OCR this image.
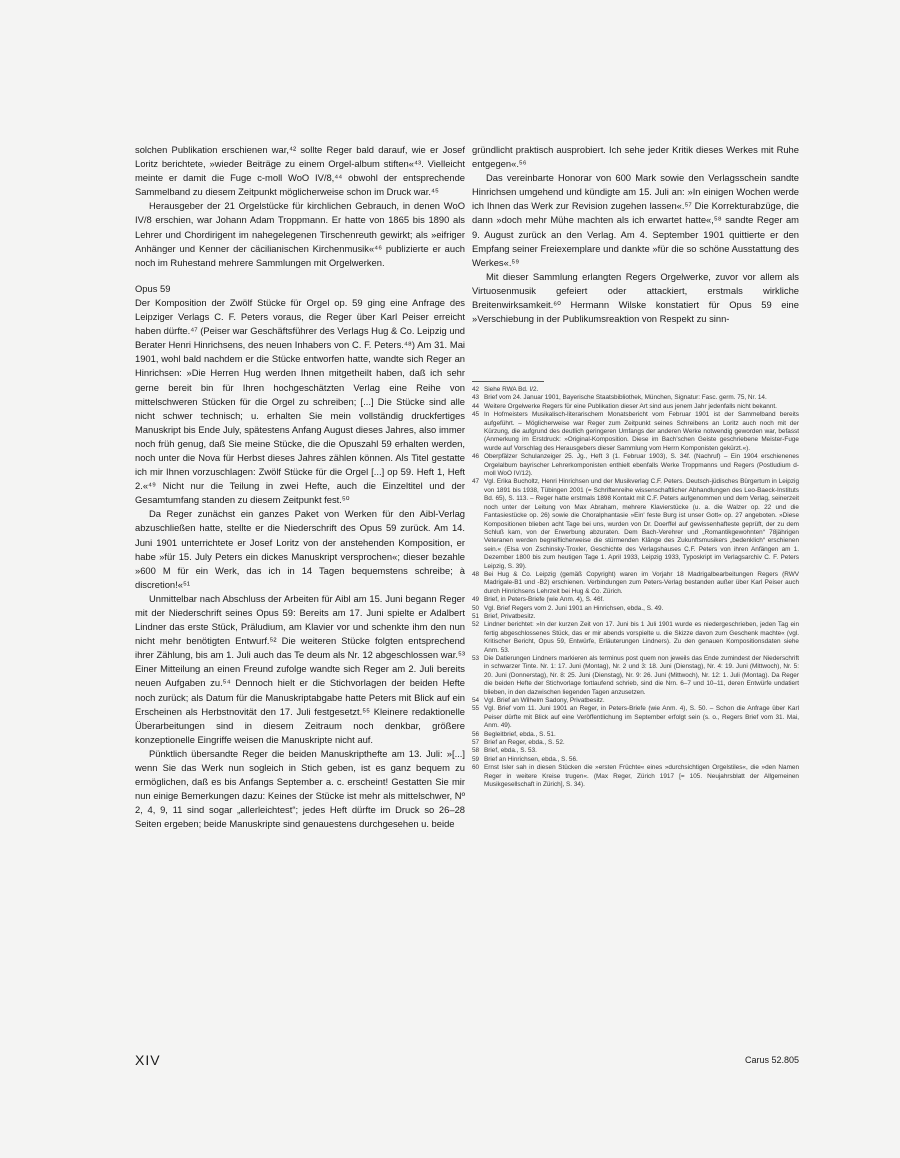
solchen Publikation erschienen war,⁴² sollte Reger bald darauf, wie er Josef Loritz berichtete, »wieder Beiträge zu einem Orgel-album stiften«⁴³. Vielleicht meinte er damit die Fuge c-moll WoO IV/8,⁴⁴ obwohl der entsprechende Sammelband zu diesem Zeitpunkt möglicherweise schon im Druck war.⁴⁵

Herausgeber der 21 Orgelstücke für kirchlichen Gebrauch, in denen WoO IV/8 erschien, war Johann Adam Troppmann. Er hatte von 1865 bis 1890 als Lehrer und Chordirigent im nahegelegenen Tirschenreuth gewirkt; als »eifriger Anhänger und Kenner der cäcilianischen Kirchenmusik«⁴⁶ publizierte er auch noch im Ruhestand mehrere Sammlungen mit Orgelwerken.

Opus 59

Der Komposition der Zwölf Stücke für Orgel op. 59 ging eine Anfrage des Leipziger Verlags C. F. Peters voraus, die Reger über Karl Peiser erreicht haben dürfte.⁴⁷ (Peiser war Geschäftsführer des Verlags Hug & Co. Leipzig und Berater Henri Hinrichsens, des neuen Inhabers von C. F. Peters.⁴⁸) Am 31. Mai 1901, wohl bald nachdem er die Stücke entworfen hatte, wandte sich Reger an Hinrichsen: »Die Herren Hug werden Ihnen mitgetheilt haben, daß ich sehr gerne bereit bin für Ihren hochgeschätzten Verlag eine Reihe von mittelschweren Stücken für die Orgel zu schreiben; [...] Die Stücke sind alle nicht schwer technisch; u. erhalten Sie mein vollständig druckfertiges Manuskript bis Ende July, spätestens Anfang August dieses Jahres, also immer noch früh genug, daß Sie meine Stücke, die die Opuszahl 59 erhalten werden, noch unter die Nova für Herbst dieses Jahres zählen können. Als Titel gestatte ich mir Ihnen vorzuschlagen: Zwölf Stücke für die Orgel [...] op 59. Heft 1, Heft 2.«⁴⁹ Nicht nur die Teilung in zwei Hefte, auch die Einzeltitel und der Gesamtumfang standen zu diesem Zeitpunkt fest.⁵⁰

Da Reger zunächst ein ganzes Paket von Werken für den Aibl-Verlag abzuschließen hatte, stellte er die Niederschrift des Opus 59 zurück. Am 14. Juni 1901 unterrichtete er Josef Loritz von der anstehenden Komposition, er habe »für 15. July Peters ein dickes Manuskript versprochen«; dieser bezahle »600 M für ein Werk, das ich in 14 Tagen bequemstens schreibe; à discretion!«⁵¹

Unmittelbar nach Abschluss der Arbeiten für Aibl am 15. Juni begann Reger mit der Niederschrift seines Opus 59: Bereits am 17. Juni spielte er Adalbert Lindner das erste Stück, Präludium, am Klavier vor und schenkte ihm den nun nicht mehr benötigten Entwurf.⁵² Die weiteren Stücke folgten entsprechend ihrer Zählung, bis am 1. Juli auch das Te deum als Nr. 12 abgeschlossen war.⁵³ Einer Mitteilung an einen Freund zufolge wandte sich Reger am 2. Juli bereits neuen Aufgaben zu.⁵⁴ Dennoch hielt er die Stichvorlagen der beiden Hefte noch zurück; als Datum für die Manuskriptabgabe hatte Peters mit Blick auf ein Erscheinen als Herbstnovität den 17. Juli festgesetzt.⁵⁵ Kleinere redaktionelle Überarbeitungen sind in diesem Zeitraum noch denkbar, größere konzeptionelle Eingriffe weisen die Manuskripte nicht auf.

Pünktlich übersandte Reger die beiden Manuskripthefte am 13. Juli: »[...] wenn Sie das Werk nun sogleich in Stich geben, ist es ganz bequem zu ermöglichen, daß es bis Anfangs September a. c. erscheint! Gestatten Sie mir nun einige Bemerkungen dazu: Keines der Stücke ist mehr als mittelschwer, Nº 2, 4, 9, 11 sind sogar „allerleichtest“; jedes Heft dürfte im Druck so 26–28 Seiten ergeben; beide Manuskripte sind genauestens durchgesehen u. beide

gründlicht praktisch ausprobiert. Ich sehe jeder Kritik dieses Werkes mit Ruhe entgegen«.⁵⁶

Das vereinbarte Honorar von 600 Mark sowie den Verlagsschein sandte Hinrichsen umgehend und kündigte am 15. Juli an: »In einigen Wochen werde ich Ihnen das Werk zur Revision zugehen lassen«.⁵⁷ Die Korrekturabzüge, die dann »doch mehr Mühe machten als ich erwartet hatte«,⁵⁸ sandte Reger am 9. August zurück an den Verlag. Am 4. September 1901 quittierte er den Empfang seiner Freiexemplare und dankte »für die so schöne Ausstattung des Werkes«.⁵⁹

Mit dieser Sammlung erlangten Regers Orgelwerke, zuvor vor allem als Virtuosenmusik gefeiert oder attackiert, erstmals wirkliche Breitenwirksamkeit.⁶⁰ Hermann Wilske konstatiert für Opus 59 eine »Verschiebung in der Publikumsreaktion von Respekt zu sinn-

42 Siehe RWA Bd. I/2.
43 Brief vom 24. Januar 1901, Bayerische Staatsbibliothek, München, Signatur: Fasc. germ. 75, Nr. 14.
44 Weitere Orgelwerke Regers für eine Publikation dieser Art sind aus jenem Jahr jedenfalls nicht bekannt.
45 In Hofmeisters Musikalisch-literarischem Monatsbericht vom Februar 1901 ist der Sammelband bereits aufgeführt. – Möglicherweise war Reger zum Zeitpunkt seines Schreibens an Loritz auch noch mit der Kürzung, die aufgrund des deutlich geringeren Umfangs der anderen Werke notwendig geworden war, befasst (Anmerkung im Erstdruck: »Original-Komposition. Diese im Bach'schen Geiste geschriebene Meister-Fuge wurde auf Vorschlag des Herausgebers dieser Sammlung vom Herrn Komponisten gekürzt.«).
46 Oberpfälzer Schulanzeiger 25. Jg., Heft 3 (1. Februar 1903), S. 34f. (Nachruf) – Ein 1904 erschienenes Orgelalbum bayrischer Lehrerkomponisten enthielt ebenfalls Werke Troppmanns und Regers (Postludium d-moll WoO IV/12).
47 Vgl. Erika Bucholtz, Henri Hinrichsen und der Musikverlag C.F. Peters. Deutsch-jüdisches Bürgertum in Leipzig von 1891 bis 1938, Tübingen 2001 (= Schriftenreihe wissenschaftlicher Abhandlungen des Leo-Baeck-Instituts Bd. 65), S. 113. – Reger hatte erstmals 1898 Kontakt mit C.F. Peters aufgenommen und dem Verlag, seinerzeit noch unter der Leitung von Max Abraham, mehrere Klavierstücke (u. a. die Walzer op. 22 und die Fantasiestücke op. 26) sowie die Choralphantasie »Ein' feste Burg ist unser Gott« op. 27 angeboten. »Diese Kompositionen blieben acht Tage bei uns, wurden von Dr. Doerffel auf gewissenhafteste geprüft, der zu dem Schluß kam, von der Erwerbung abzuraten. Dem Bach-Verehrer und „Romantikgewohnten“ 78jährigen Veteranen werden begreiflicherweise die stürmenden Klänge des Zukunftsmusikers „bedenklich“ erschienen sein.« (Elsa von Zschinsky-Troxler, Geschichte des Verlagshauses C.F. Peters von ihren Anfängen am 1. Dezember 1800 bis zum heutigen Tage 1. April 1933, Leipzig 1933, Typoskript im Verlagsarchiv C. F. Peters Leipzig, S. 39).
48 Bei Hug & Co. Leipzig (gemäß Copyright) waren im Vorjahr 18 Madrigalbearbeitungen Regers (RWV Madrigale-B1 und -B2) erschienen. Verbindungen zum Peters-Verlag bestanden außer über Karl Peiser auch durch Hinrichsens Lehrzeit bei Hug & Co. Zürich.
49 Brief, in Peters-Briefe (wie Anm. 4), S. 46f.
50 Vgl. Brief Regers vom 2. Juni 1901 an Hinrichsen, ebda., S. 49.
51 Brief, Privatbesitz.
52 Lindner berichtet: »In der kurzen Zeit von 17. Juni bis 1 Juli 1901 wurde es niedergeschrieben, jeden Tag ein fertig abgeschlossenes Stück, das er mir abends vorspielte u. die Skizze davon zum Geschenk machte« (vgl. Kritischer Bericht, Opus 59, Entwürfe, Erläuterungen Lindners). Zu den genauen Kompositionsdaten siehe Anm. 53.
53 Die Datierungen Lindners markieren als terminus post quem non jeweils das Ende zumindest der Niederschrift in schwarzer Tinte. Nr. 1: 17. Juni (Montag), Nr. 2 und 3: 18. Juni (Dienstag), Nr. 4: 19. Juni (Mittwoch), Nr. 5: 20. Juni (Donnerstag), Nr. 8: 25. Juni (Dienstag), Nr. 9: 26. Juni (Mittwoch), Nr. 12: 1. Juli (Montag). Da Reger die beiden Hefte der Stichvorlage fortlaufend schrieb, sind die Nrn. 6–7 und 10–11, deren Entwürfe undatiert blieben, in den dazwischen liegenden Tagen anzusetzen.
54 Vgl. Brief an Wilhelm Sadony, Privatbesitz.
55 Vgl. Brief vom 11. Juni 1901 an Reger, in Peters-Briefe (wie Anm. 4), S. 50. – Schon die Anfrage über Karl Peiser dürfte mit Blick auf eine Veröffentlichung im September erfolgt sein (s. o., Regers Brief vom 31. Mai, Anm. 49).
56 Begleitbrief, ebda., S. 51.
57 Brief an Reger, ebda., S. 52.
58 Brief, ebda., S. 53.
59 Brief an Hinrichsen, ebda., S. 56.
60 Ernst Isler sah in diesen Stücken die »ersten Früchte« eines »durchsichtigen Orgelstiles«, die »den Namen Reger in weitere Kreise trugen«. (Max Reger, Zürich 1917 [= 105. Neujahrsblatt der Allgemeinen Musikgesellschaft in Zürich], S. 34).
XIV	Carus 52.805
